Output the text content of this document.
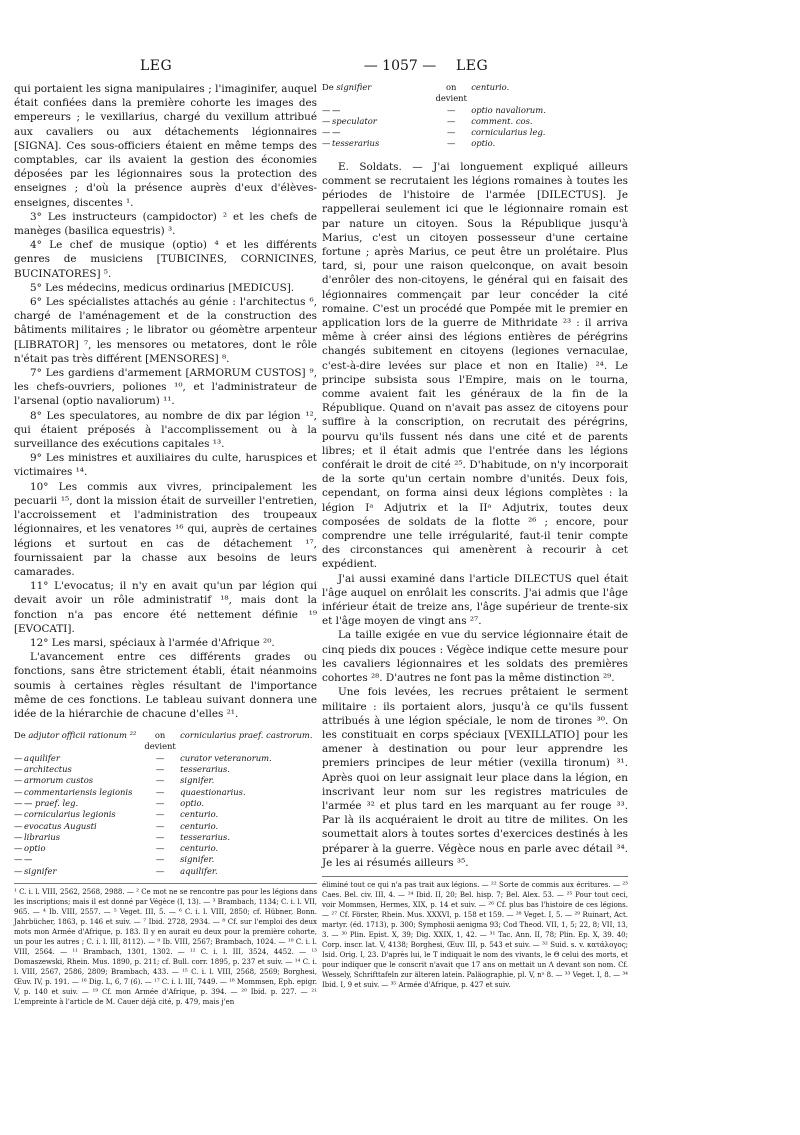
LEG	— 1057 —	LEG

qui portaient les signa manipulaires ; l'imaginifer, auquel était confiées dans la première cohorte les images des empereurs ; le vexillarius, chargé du vexillum attribué aux cavaliers ou aux détachements légionnaires [SIGNA]. Ces sous-officiers étaient en même temps des comptables, car ils avaient la gestion des économies déposées par les légionnaires sous la protection des enseignes ; d'où la présence auprès d'eux d'élèves-enseignes, discentes ¹.

3° Les instructeurs (campidoctor) ² et les chefs de manèges (basilica equestris) ³.

4° Le chef de musique (optio) ⁴ et les différents genres de musiciens [TUBICINES, CORNICINES, BUCINATORES] ⁵.

5° Les médecins, medicus ordinarius [MEDICUS].

6° Les spécialistes attachés au génie : l'architectus ⁶, chargé de l'aménagement et de la construction des bâtiments militaires ; le librator ou géomètre arpenteur [LIBRATOR] ⁷, les mensores ou metatores, dont le rôle n'était pas très différent [MENSORES] ⁸.

7° Les gardiens d'armement [ARMORUM CUSTOS] ⁹, les chefs-ouvriers, poliones ¹⁰, et l'administrateur de l'arsenal (optio navaliorum) ¹¹.

8° Les speculatores, au nombre de dix par légion ¹², qui étaient préposés à l'accomplissement ou à la surveillance des exécutions capitales ¹³.

9° Les ministres et auxiliaires du culte, haruspices et victimaires ¹⁴.

10° Les commis aux vivres, principalement les pecuarii ¹⁵, dont la mission était de surveiller l'entretien, l'accroissement et l'administration des troupeaux légionnaires, et les venatores ¹⁶ qui, auprès de certaines légions et surtout en cas de détachement ¹⁷, fournissaient par la chasse aux besoins de leurs camarades.

11° L'evocatus; il n'y en avait qu'un par légion qui devait avoir un rôle administratif ¹⁸, mais dont la fonction n'a pas encore été nettement définie ¹⁹ [EVOCATI].

12° Les marsi, spéciaux à l'armée d'Afrique ²⁰.

L'avancement entre ces différents grades ou fonctions, sans être strictement établi, était néanmoins soumis à certaines règles résultant de l'importance même de ces fonctions. Le tableau suivant donnera une idée de la hiérarchie de chacune d'elles ²¹.

De adjutor officii rationum ²²		on devient	cornicularius praef. castrorum.
—	aquilifer	—	curator veteranorum.
—	architectus	—	tesserarius.
—	armorum custos	—	signifer.
—	commentariensis legionis	—	quaestionarius.
—	— praef. leg.	—	optio.
—	cornicularius legionis	—	centurio.
—	evocatus Augusti	—	centurio.
—	librarius	—	tesserarius.
—	optio	—	centurio.
—	—	—	signifer.
—	signifer	—	aquilifer.
¹ C. i. l. VIII, 2562, 2568, 2988. — ² Ce mot ne se rencontre pas pour les légions dans les inscriptions; mais il est donné par Végèce (I, 13). — ³ Brambach, 1134; C. i. l. VII, 965. — ⁴ Ib. VIII, 2557. — ⁵ Veget. III, 5. — ⁶ C. i. l. VIII, 2850; cf. Hübner, Bonn. Jahrbücher, 1863, p. 146 et suiv. — ⁷ Ibid. 2728, 2934. — ⁸ Cf. sur l'emploi des deux mots mon Armée d'Afrique, p. 183. Il y en aurait eu deux pour la première cohorte, un pour les autres ; C. i. l. III, 8112). — ⁹ Ib. VIII, 2567; Brambach, 1024. — ¹⁰ C. i. l. VIII, 2564. — ¹¹ Brambach, 1301, 1302. — ¹² C. i. l. III, 3524, 4452. — ¹³ Domaszewski, Rhein. Mus. 1890, p. 211; cf. Bull. corr. 1895, p. 237 et suiv. — ¹⁴ C. i. l. VIII, 2567, 2586, 2809; Brambach, 433. — ¹⁵ C. i. l. VIII, 2568, 2569; Borghesi, Œuv. IV, p. 191. — ¹⁶ Dig. L, 6, 7 (6). — ¹⁷ C. i. l. III, 7449. — ¹⁸ Mommsen, Eph. epigr. V, p. 140 et suiv. — ¹⁹ Cf. mon Armée d'Afrique, p. 394. — ²⁰ Ibid. p. 227. — ²¹ L'empreinte à l'article de M. Cauer déjà cité, p. 479, mais j'en
De signifier		on devient	centurio.
—	—	—	optio navaliorum.
—	speculator	—	comment. cos.
—	—	—	cornicularius leg.
—	tesserarius	—	optio.

E. Soldats. — J'ai longuement expliqué ailleurs comment se recrutaient les légions romaines à toutes les périodes de l'histoire de l'armée [DILECTUS]. Je rappellerai seulement ici que le légionnaire romain est par nature un citoyen. Sous la République jusqu'à Marius, c'est un citoyen possesseur d'une certaine fortune ; après Marius, ce peut être un prolétaire. Plus tard, si, pour une raison quelconque, on avait besoin d'enrôler des non-citoyens, le général qui en faisait des légionnaires commençait par leur concéder la cité romaine. C'est un procédé que Pompée mit le premier en application lors de la guerre de Mithridate ²³ : il arriva même à créer ainsi des légions entières de pérégrins changés subitement en citoyens (legiones vernaculae, c'est-à-dire levées sur place et non en Italie) ²⁴. Le principe subsista sous l'Empire, mais on le tourna, comme avaient fait les généraux de la fin de la République. Quand on n'avait pas assez de citoyens pour suffire à la conscription, on recrutait des pérégrins, pourvu qu'ils fussent nés dans une cité et de parents libres; et il était admis que l'entrée dans les légions conférait le droit de cité ²⁵. D'habitude, on n'y incorporait de la sorte qu'un certain nombre d'unités. Deux fois, cependant, on forma ainsi deux légions complètes : la légion Iᵃ Adjutrix et la IIᵃ Adjutrix, toutes deux composées de soldats de la flotte ²⁶ ; encore, pour comprendre une telle irrégularité, faut-il tenir compte des circonstances qui amenèrent à recourir à cet expédient.

J'ai aussi examiné dans l'article DILECTUS quel était l'âge auquel on enrôlait les conscrits. J'ai admis que l'âge inférieur était de treize ans, l'âge supérieur de trente-six et l'âge moyen de vingt ans ²⁷.

La taille exigée en vue du service légionnaire était de cinq pieds dix pouces : Végèce indique cette mesure pour les cavaliers légionnaires et les soldats des premières cohortes ²⁸. D'autres ne font pas la même distinction ²⁹.

Une fois levées, les recrues prêtaient le serment militaire : ils portaient alors, jusqu'à ce qu'ils fussent attribués à une légion spéciale, le nom de tirones ³⁰. On les constituait en corps spéciaux [VEXILLATIO] pour les amener à destination ou pour leur apprendre les premiers principes de leur métier (vexilla tironum) ³¹. Après quoi on leur assignait leur place dans la légion, en inscrivant leur nom sur les registres matricules de l'armée ³² et plus tard en les marquant au fer rouge ³³. Par là ils acquéraient le droit au titre de milites. On les soumettait alors à toutes sortes d'exercices destinés à les préparer à la guerre. Végèce nous en parle avec détail ³⁴. Je les ai résumés ailleurs ³⁵.

éliminé tout ce qui n'a pas trait aux légions. — ²² Sorte de commis aux écritures. — ²³ Caes. Bel. civ. III, 4. — ²⁴ Ibid. II, 20; Bel. hisp. 7; Bel. Alex. 53. — ²⁵ Pour tout ceci, voir Mommsen, Hermes, XIX, p. 14 et suiv. — ²⁶ Cf. plus bas l'histoire de ces légions. — ²⁷ Cf. Förster, Rhein. Mus. XXXVI, p. 158 et 159. — ²⁸ Veget. I, 5. — ²⁹ Ruinart, Act. martyr. (éd. 1713), p. 300; Symphosii aenigma 93; Cod Theod. VII, 1, 5; 22, 8; VII, 13, 3. — ³⁰ Plin. Epist. X, 39; Dig. XXIX, 1, 42. — ³¹ Tac. Ann. II, 78; Plin. Ep. X, 39. 40; Corp. inscr. lat. V, 4138; Borghesi, Œuv. III, p. 543 et suiv. — ³² Suid. s. v. κατάλογος; Isid. Orig. I, 23. D'après lui, le T indiquait le nom des vivants, le Θ celui des morts, et pour indiquer que le conscrit n'avait que 17 ans on mettait un Λ devant son nom. Cf. Wessely, Schrifttafeln zur älteren latein. Paläographie, pl. V, nᵒ 8. — ³³ Veget. I, 8. — ³⁴ Ibid. I, 9 et suiv. — ³⁵ Armée d'Afrique, p. 427 et suiv.
